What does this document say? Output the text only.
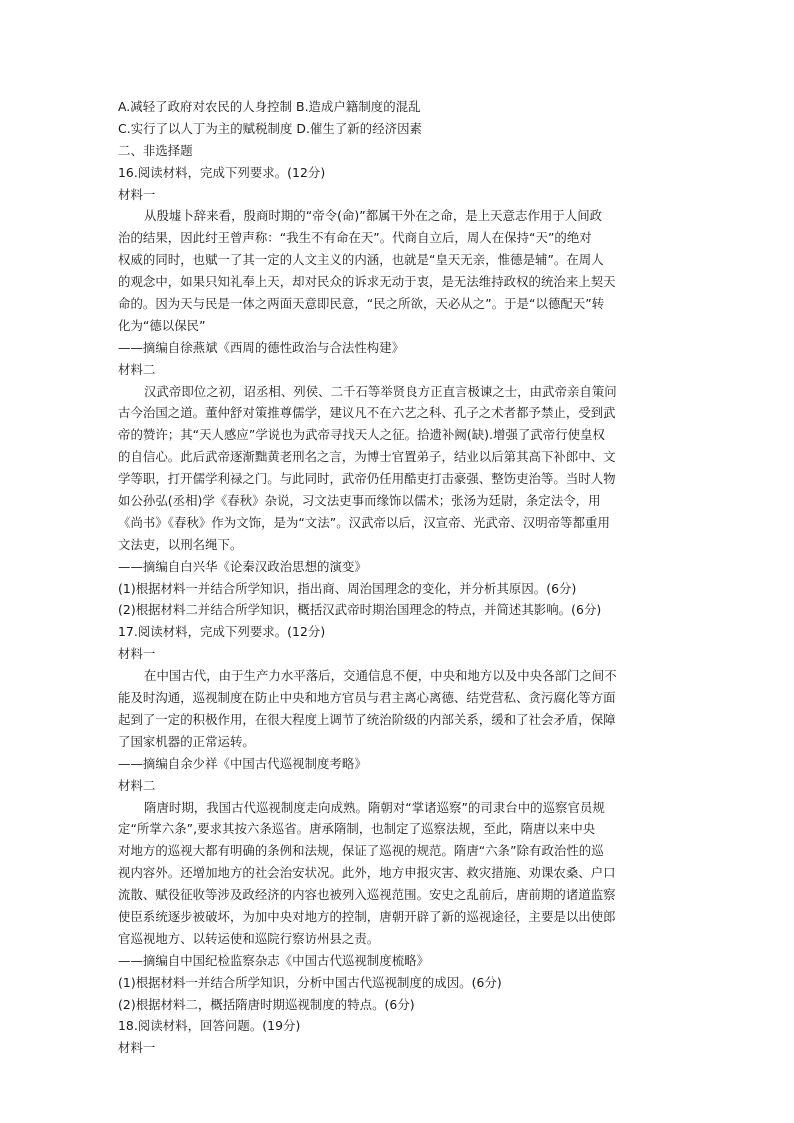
A.减轻了政府对农民的人身控制 B.造成户籍制度的混乱
C.实行了以人丁为主的赋税制度 D.催生了新的经济因素
二、非选择题
16.阅读材料，完成下列要求。(12分)
材料一
从殷墟卜辞来看，殷商时期的“帝令(命)”都属干外在之命，是上天意志作用于人间政
治的结果，因此纣王曾声称：“我生不有命在天”。代商自立后，周人在保持“天”的绝对
权威的同时，也赋一了其一定的人文主义的内涵，也就是“皇天无亲，惟德是辅”。在周人
的观念中，如果只知礼奉上天，却对民众的诉求无动于衷，是无法维持政权的统治来上契天
命的。因为天与民是一体之两面天意即民意，“民之所欲，天必从之”。于是“以德配天”转
化为“德以保民”
——摘编自徐燕斌《西周的德性政治与合法性构建》
材料二
汉武帝即位之初，诏丞相、列侯、二千石等举贤良方正直言极谏之士，由武帝亲自策问
古今治国之道。董仲舒对策推尊儒学，建议凡不在六艺之科、孔子之术者都予禁止，受到武
帝的赞许；其“天人感应”学说也为武帝寻找天人之征。拾遗补阙(缺).增强了武帝行使皇权
的自信心。此后武帝逐渐黜黄老刑名之言，为博士官置弟子，结业以后第其高下补郎中、文
学等职，打开儒学利禄之门。与此同时，武帝仍任用酷吏打击豪强、整饬吏治等。当时人物
如公孙弘(丞相)学《春秋》杂说，习文法吏事而缘饰以儒术；张汤为廷尉，条定法令，用
《尚书》《春秋》作为文饰，是为“文法”。汉武帝以后，汉宣帝、光武帝、汉明帝等都重用
文法吏，以刑名绳下。
——摘编自白兴华《论秦汉政治思想的演变》
(1)根据材料一并结合所学知识，指出商、周治国理念的变化，并分析其原因。(6分)
(2)根据材料二并结合所学知识，概括汉武帝时期治国理念的特点，并简述其影响。(6分)
17.阅读材料，完成下列要求。(12分)
材料一
在中国古代，由于生产力水平落后，交通信息不便，中央和地方以及中央各部门之间不
能及时沟通，巡视制度在防止中央和地方官员与君主离心离德、结党营私、贪污腐化等方面
起到了一定的积极作用，在很大程度上调节了统治阶级的内部关系，缓和了社会矛盾，保障
了国家机器的正常运转。
——摘编自余少祥《中国古代巡视制度考略》
材料二
隋唐时期，我国古代巡视制度走向成熟。隋朝对“掌诸巡察”的司隶台中的巡察官员规
定“所掌六条”,要求其按六条巡省。唐承隋制，也制定了巡察法规，至此，隋唐以来中央
对地方的巡视大都有明确的条例和法规，保证了巡视的规范。隋唐“六条”除有政治性的巡
视内容外。还增加地方的社会治安状况。此外，地方申报灾害、救灾措施、劝课农桑、户口
流散、赋役征收等涉及政经济的内容也被列入巡视范围。安史之乱前后，唐前期的诸道监察
使臣系统逐步被破坏，为加中央对地方的控制，唐朝开辟了新的巡视途径，主要是以出使郎
官巡视地方、以转运使和巡院行察访州县之责。
——摘编自中国纪检监察杂志《中国古代巡视制度梳略》
(1)根据材料一并结合所学知识，分析中国古代巡视制度的成因。(6分)
(2)根据材料二，概括隋唐时期巡视制度的特点。(6分)
18.阅读材料，回答问题。(19分)
材料一
